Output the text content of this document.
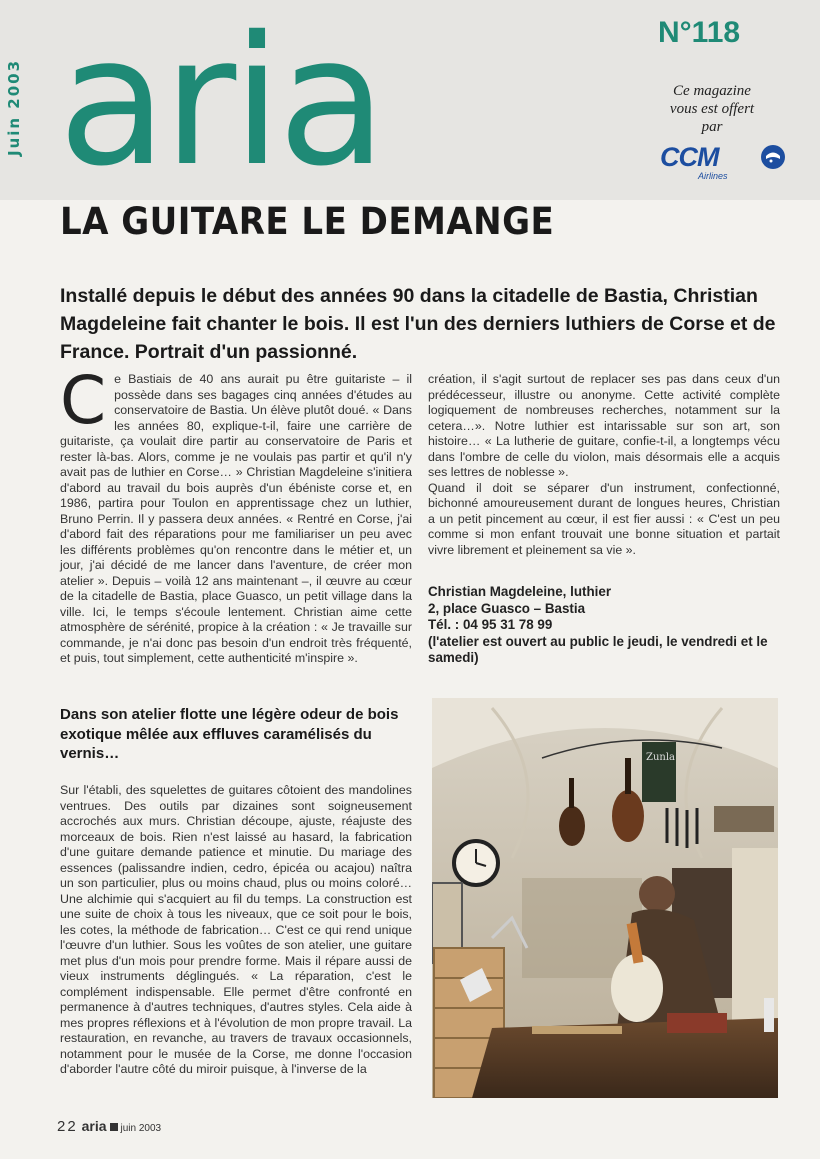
Juin 2003 aria	N°118
Ce magazine
vous est offert
par
CCM
Airlines
LA GUITARE LE DEMANGE
Installé depuis le début des années 90 dans la citadelle de Bastia, Christian Magdeleine fait chanter le bois. Il est l'un des derniers luthiers de Corse et de France. Portrait d'un passionné.
C e Bastiais de 40 ans aurait pu être guitariste – il possède dans ses bagages cinq années d'études au conservatoire de Bastia. Un élève plutôt doué. « Dans les années 80, explique-t-il, faire une carrière de guitariste, ça voulait dire partir au conservatoire de Paris et rester là-bas. Alors, comme je ne voulais pas partir et qu'il n'y avait pas de luthier en Corse… » Christian Magdeleine s'initiera d'abord au travail du bois auprès d'un ébéniste corse et, en 1986, partira pour Toulon en apprentissage chez un luthier, Bruno Perrin. Il y passera deux années. « Rentré en Corse, j'ai d'abord fait des réparations pour me familiariser un peu avec les différents problèmes qu'on rencontre dans le métier et, un jour, j'ai décidé de me lancer dans l'aventure, de créer mon atelier ». Depuis – voilà 12 ans maintenant –, il œuvre au cœur de la citadelle de Bastia, place Guasco, un petit village dans la ville. Ici, le temps s'écoule lentement. Christian aime cette atmosphère de sérénité, propice à la création : « Je travaille sur commande, je n'ai donc pas besoin d'un endroit très fréquenté, et puis, tout simplement, cette authenticité m'inspire ».

Dans son atelier flotte une légère odeur de bois exotique mêlée aux effluves caramélisés du vernis…

Sur l'établi, des squelettes de guitares côtoient des mandolines ventrues. Des outils par dizaines sont soigneusement accrochés aux murs. Christian découpe, ajuste, réajuste des morceaux de bois. Rien n'est laissé au hasard, la fabrication d'une guitare demande patience et minutie. Du mariage des essences (palissandre indien, cedro, épicéa ou acajou) naîtra un son particulier, plus ou moins chaud, plus ou moins coloré… Une alchimie qui s'acquiert au fil du temps. La construction est une suite de choix à tous les niveaux, que ce soit pour le bois, les cotes, la méthode de fabrication… C'est ce qui rend unique l'œuvre d'un luthier. Sous les voûtes de son atelier, une guitare met plus d'un mois pour prendre forme. Mais il répare aussi de vieux instruments déglingués. « La réparation, c'est le complément indispensable. Elle permet d'être confronté en permanence à d'autres techniques, d'autres styles. Cela aide à mes propres réflexions et à l'évolution de mon propre travail. La restauration, en revanche, au travers de travaux occasionnels, notamment pour le musée de la Corse, me donne l'occasion d'aborder l'autre côté du miroir puisque, à l'inverse de la

création, il s'agit surtout de replacer ses pas dans ceux d'un prédécesseur, illustre ou anonyme. Cette activité complète logiquement de nombreuses recherches, notamment sur la cetera…». Notre luthier est intarissable sur son art, son histoire… « La lutherie de guitare, confie-t-il, a longtemps vécu dans l'ombre de celle du violon, mais désormais elle a acquis ses lettres de noblesse ».

Quand il doit se séparer d'un instrument, confectionné, bichonné amoureusement durant de longues heures, Christian a un petit pincement au cœur, il est fier aussi : « C'est un peu comme si mon enfant trouvait une bonne situation et partait vivre librement et pleinement sa vie ».

Christian Magdeleine, luthier
2, place Guasco – Bastia
Tél. : 04 95 31 78 99
(l'atelier est ouvert au public le jeudi, le vendredi et le samedi)
Zunla
22 aria juin 2003
